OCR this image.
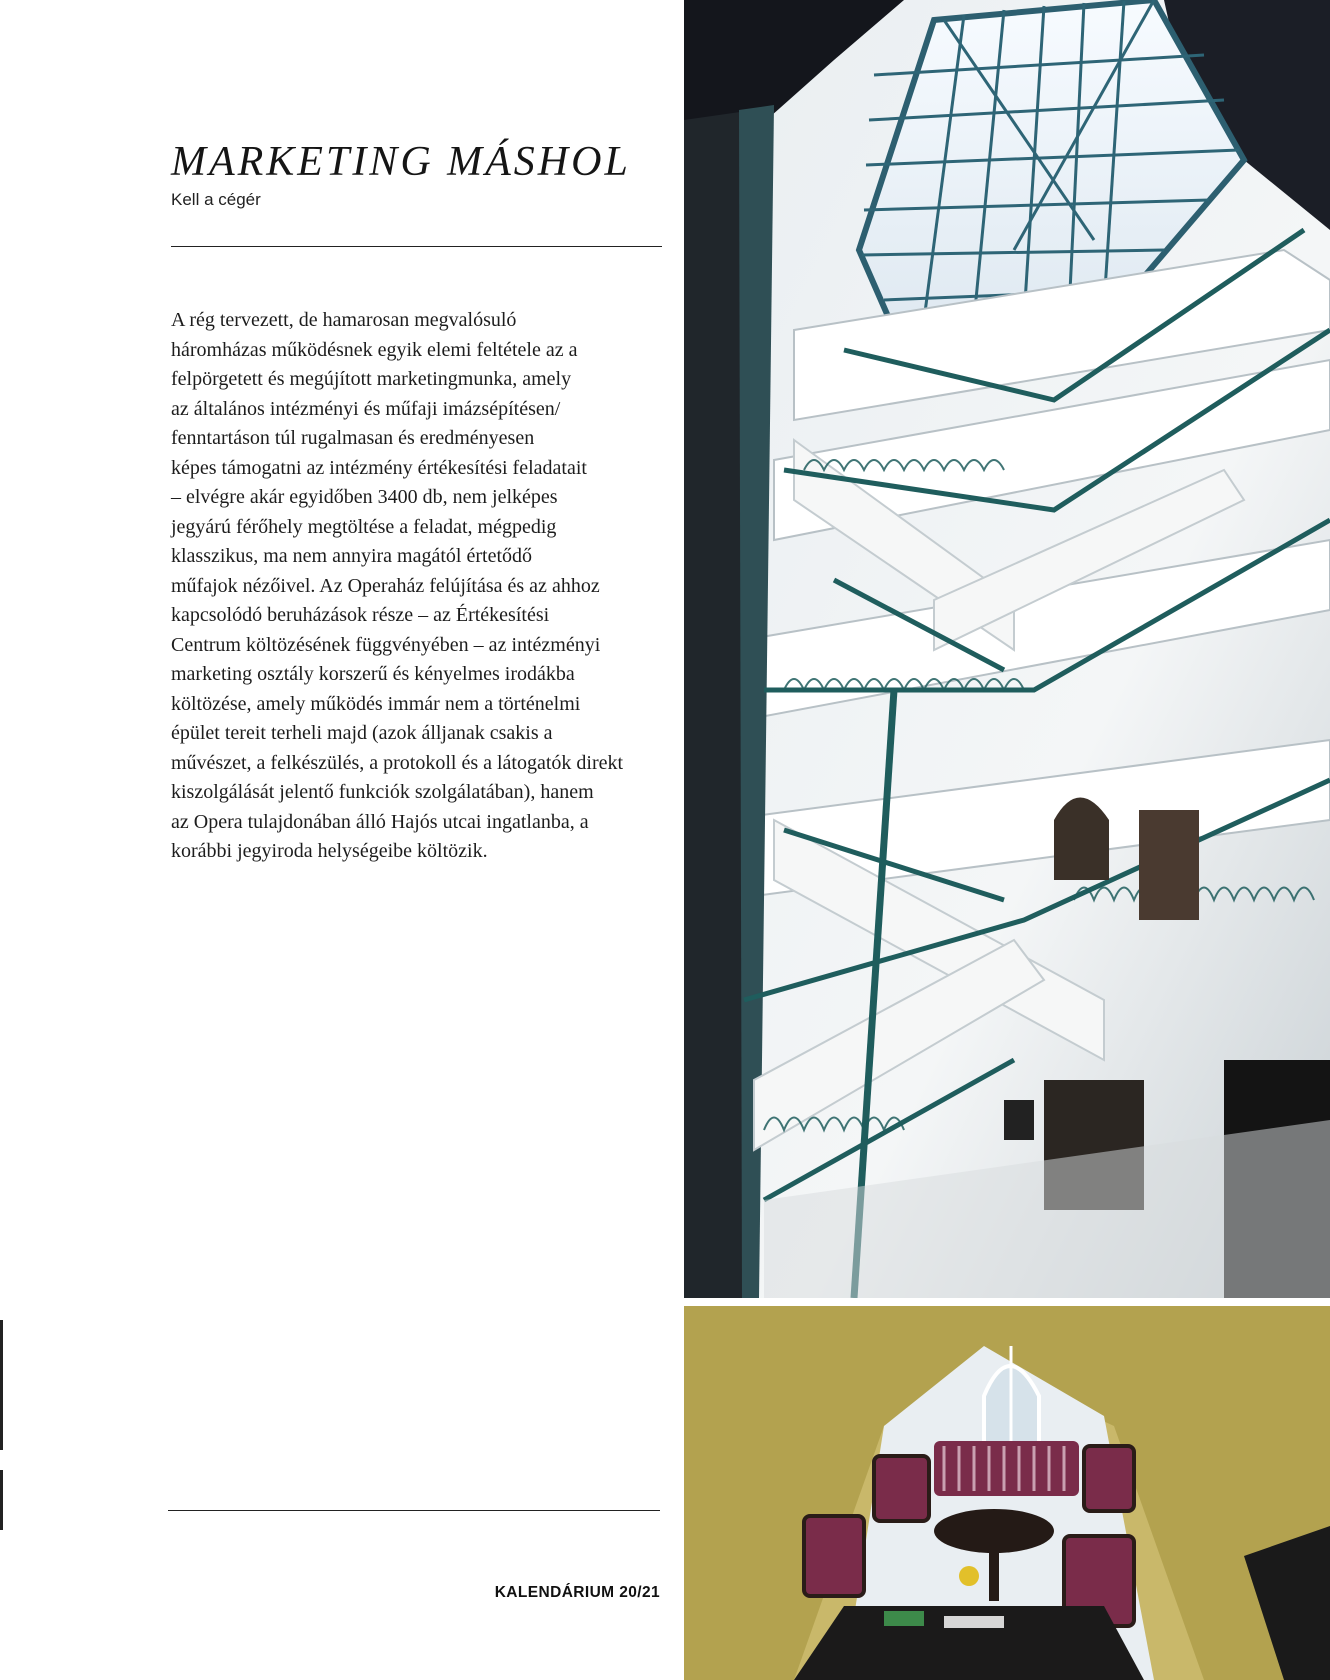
MARKETING MÁSHOL
Kell a cégér
A rég tervezett, de hamarosan megvalósuló
háromházas működésnek egyik elemi feltétele az a
felpörgetett és megújított marketingmunka, amely
az általános intézményi és műfaji imázsépítésen/
fenntartáson túl rugalmasan és eredményesen
képes támogatni az intézmény értékesítési feladatait
– elvégre akár egyidőben 3400 db, nem jelképes
jegyárú férőhely megtöltése a feladat, mégpedig
klasszikus, ma nem annyira magától értetődő
műfajok nézőivel. Az Operaház felújítása és az ahhoz
kapcsolódó beruházások része – az Értékesítési
Centrum költözésének függvényében – az intézményi
marketing osztály korszerű és kényelmes irodákba
költözése, amely működés immár nem a történelmi
épület tereit terheli majd (azok álljanak csakis a
művészet, a felkészülés, a protokoll és a látogatók direkt
kiszolgálását jelentő funkciók szolgálatában), hanem
az Opera tulajdonában álló Hajós utcai ingatlanba, a
korábbi jegyiroda helységeibe költözik.
KALENDÁRIUM 20/21
